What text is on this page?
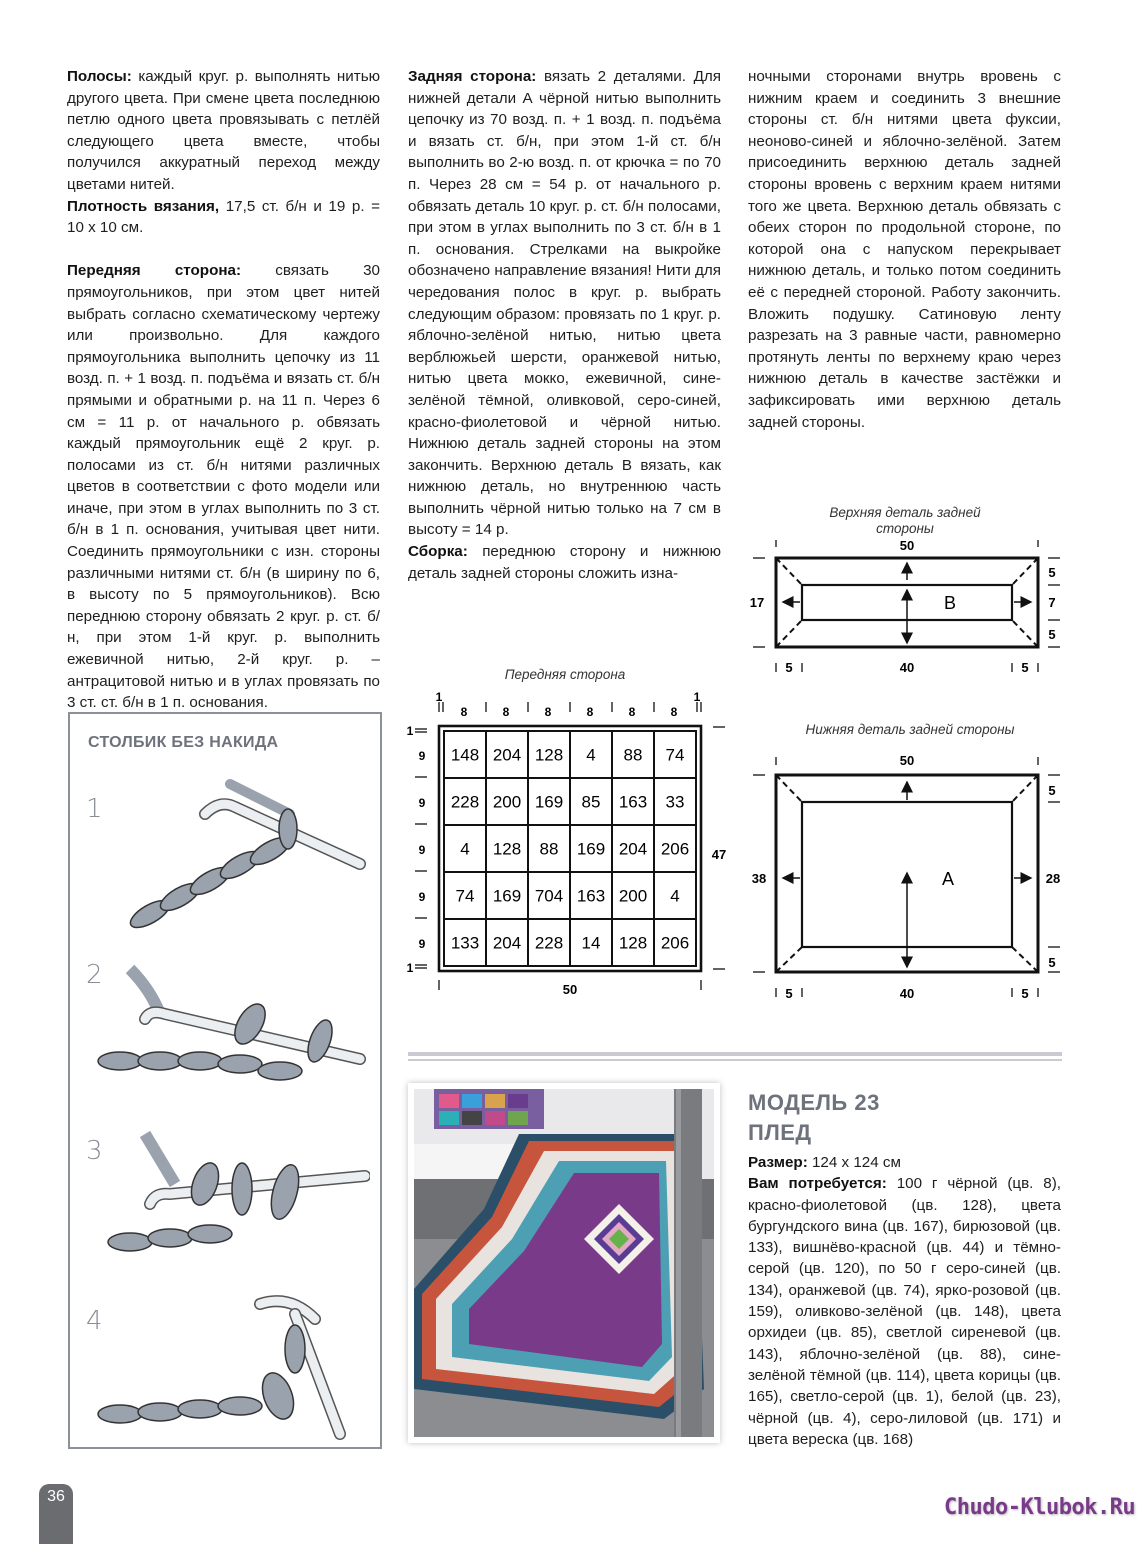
Полосы: каждый круг. р. выполнять нитью другого цвета. При смене цвета последнюю петлю одного цвета провязывать с петлёй следующего цвета вместе, чтобы получился аккуратный переход между цветами нитей.

Плотность вязания, 17,5 ст. б/н и 19 р. = 10 х 10 см.

Передняя сторона: связать 30 прямоугольников, при этом цвет нитей выбрать согласно схематическому чертежу или произвольно. Для каждого прямоугольника выполнить цепочку из 11 возд. п. + 1 возд. п. подъёма и вязать ст. б/н прямыми и обратными р. на 11 п. Через 6 см = 11 р. от начального р. обвязать каждый прямоугольник ещё 2 круг. р. полосами из ст. б/н нитями различных цветов в соответствии с фото модели или иначе, при этом в углах выполнить по 3 ст. б/н в 1 п. основания, учитывая цвет нити. Соединить прямоугольники с изн. стороны различными нитями ст. б/н (в ширину по 6, в высоту по 5 прямоугольников). Всю переднюю сторону обвязать 2 круг. р. ст. б/н, при этом 1-й круг. р. выполнить ежевичной нитью, 2-й круг. р. – антрацитовой нитью и в углах провязать по 3 ст. ст. б/н в 1 п. основания.

Задняя сторона: вязать 2 деталями. Для нижней детали А чёрной нитью выполнить цепочку из 70 возд. п. + 1 возд. п. подъёма и вязать ст. б/н, при этом 1-й ст. б/н выполнить во 2-ю возд. п. от крючка = по 70 п. Через 28 см = 54 р. от начального р. обвязать деталь 10 круг. р. ст. б/н полосами, при этом в углах выполнить по 3 ст. б/н в 1 п. основания. Стрелками на выкройке обозначено направление вязания! Нити для чередования полос в круг. р. выбрать следующим образом: провязать по 1 круг. р. яблочно-зелёной нитью, нитью цвета верблюжьей шерсти, оранжевой нитью, нитью цвета мокко, ежевичной, сине-зелёной тёмной, оливковой, серо-синей, красно-фиолетовой и чёрной нитью. Нижнюю деталь задней стороны на этом закончить. Верхнюю деталь В вязать, как нижнюю деталь, но внутреннюю часть выполнить чёрной нитью только на 7 см в высоту = 14 р.

Сборка: переднюю сторону и нижнюю деталь задней стороны сложить изна-

ночными сторонами внутрь вровень с нижним краем и соединить 3 внешние стороны ст. б/н нитями цвета фуксии, неоново-синей и яблочно-зелёной. Затем присоединить верхнюю деталь задней стороны вровень с верхним краем нитями того же цвета. Верхнюю деталь обвязать с обеих сторон по продольной стороне, по которой она с напуском перекрывает нижнюю деталь, и только потом соединить её с передней стороной. Работу закончить. Вложить подушку. Сатиновую ленту разрезать на 3 равные части, равномерно протянуть ленты по верхнему краю через нижнюю деталь в качестве застёжки и зафиксировать ими верхнюю деталь задней стороны.

Верхняя деталь задней
стороны
50
17
5
7
5
5	40	5
B
Передняя сторона
148 204 128 4 88 74
228 200 169 85 163 33
4 128 88 169 204 206
74 169 704 163 200 4
133 204 228 14 128 206
1	1
1
1
50
47
8	8	8	8	8	8
9
9
9
9
9
Нижняя деталь задней стороны
50
38	28
5
5
5	40	5
A
СТОЛБИК БЕЗ НАКИДА
1
2
3
4
МОДЕЛЬ 23
ПЛЕД
Размер: 124 х 124 см
Вам потребуется: 100 г чёрной (цв. 8), красно-фиолетовой (цв. 128), цвета бургундского вина (цв. 167), бирюзовой (цв. 133), вишнёво-красной (цв. 44) и тёмно-серой (цв. 120), по 50 г серо-синей (цв. 134), оранжевой (цв. 74), ярко-розовой (цв. 159), оливково-зелёной (цв. 148), цвета орхидеи (цв. 85), светлой сиреневой (цв. 143), яблочно-зелёной (цв. 88), сине-зелёной тёмной (цв. 114), цвета корицы (цв. 165), светло-серой (цв. 1), белой (цв. 23), чёрной (цв. 4), серо-лиловой (цв. 171) и цвета вереска (цв. 168)
36	Chudo-Klubok.Ru
